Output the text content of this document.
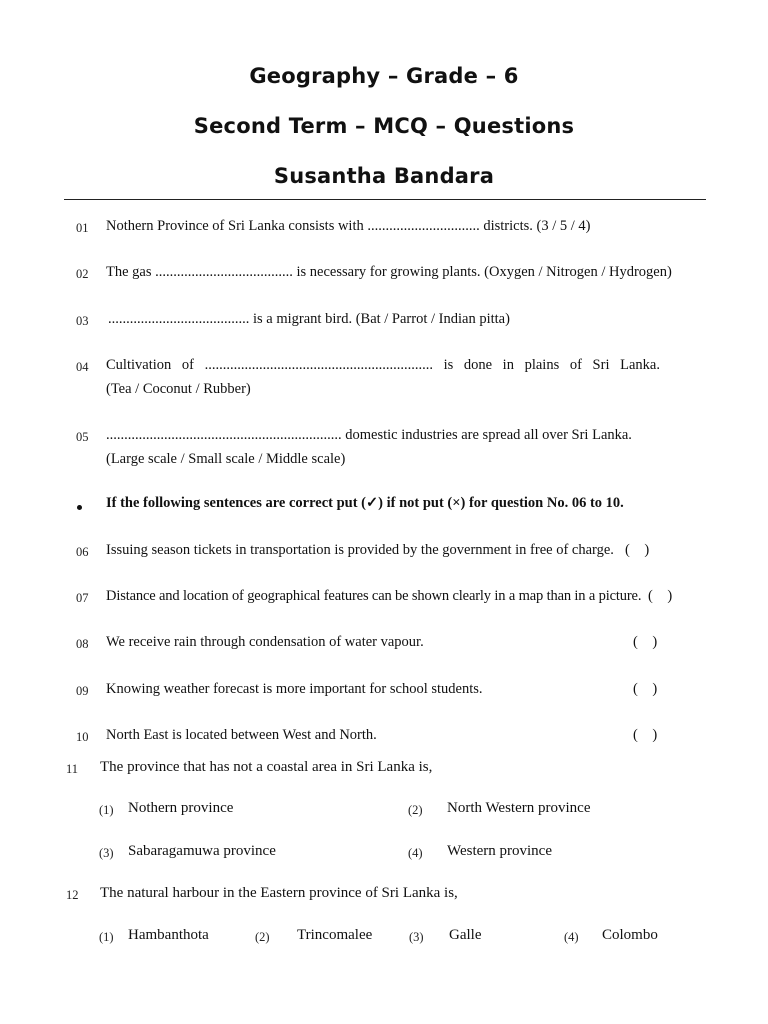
Geography – Grade – 6
Second Term – MCQ – Questions
Susantha Bandara
01 Nothern Province of Sri Lanka consists with ............................... districts. (3 / 5 / 4)
02 The gas ...................................... is necessary for growing plants. (Oxygen / Nitrogen / Hydrogen)
03 ....................................... is a migrant bird. (Bat / Parrot / Indian pitta)
04 Cultivation of ............................................................... is done in plains of Sri Lanka.
(Tea / Coconut / Rubber)
05 ................................................................. domestic industries are spread all over Sri Lanka.
(Large scale / Small scale / Middle scale)
If the following sentences are correct put (✓) if not put (×) for question No. 06 to 10.
06 Issuing season tickets in transportation is provided by the government in free of charge. (    )
07 Distance and location of geographical features can be shown clearly in a map than in a picture. (    )
08 We receive rain through condensation of water vapour.	(    )
09 Knowing weather forecast is more important for school students.	(    )
10 North East is located between West and North.	(    )
11 The province that has not a coastal area in Sri Lanka is,
(1) Nothern province	(2) North Western province
(3) Sabaragamuwa province	(4) Western province
12 The natural harbour in the Eastern province of Sri Lanka is,
(1) Hambanthota	(2) Trincomalee	(3) Galle	(4) Colombo
